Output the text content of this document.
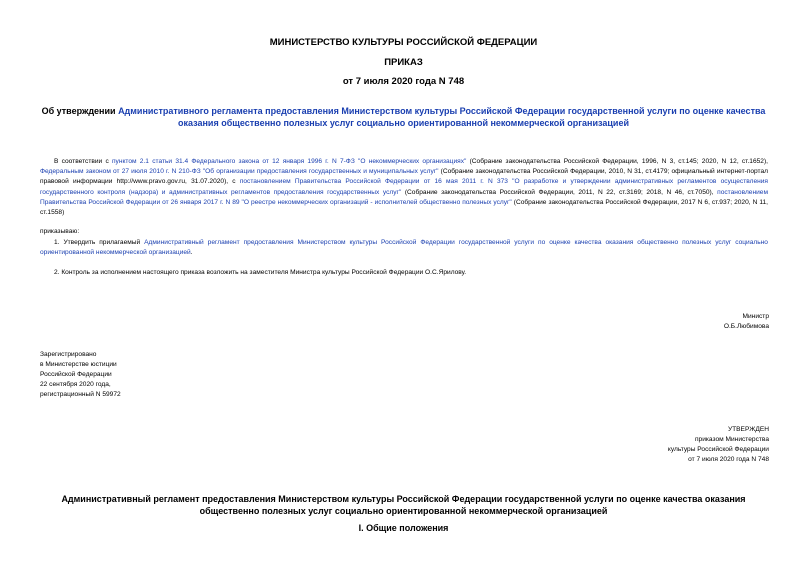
МИНИСТЕРСТВО КУЛЬТУРЫ РОССИЙСКОЙ ФЕДЕРАЦИИ
ПРИКАЗ
от 7 июля 2020 года N 748
Об утверждении Административного регламента предоставления Министерством культуры Российской Федерации государственной услуги по оценке качества оказания общественно полезных услуг социально ориентированной некоммерческой организацией
В соответствии с пунктом 2.1 статьи 31.4 Федерального закона от 12 января 1996 г. N 7-ФЗ "О некоммерческих организациях" (Собрание законодательства Российской Федерации, 1996, N 3, ст.145; 2020, N 12, ст.1652), Федеральным законом от 27 июля 2010 г. N 210-ФЗ "Об организации предоставления государственных и муниципальных услуг" (Собрание законодательства Российской Федерации, 2010, N 31, ст.4179; официальный интернет-портал правовой информации http://www.pravo.gov.ru, 31.07.2020), с постановлением Правительства Российской Федерации от 16 мая 2011 г. N 373 "О разработке и утверждении административных регламентов осуществления государственного контроля (надзора) и административных регламентов предоставления государственных услуг" (Собрание законодательства Российской Федерации, 2011, N 22, ст.3169; 2018, N 46, ст.7050), постановлением Правительства Российской Федерации от 26 января 2017 г. N 89 "О реестре некоммерческих организаций - исполнителей общественно полезных услуг" (Собрание законодательства Российской Федерации, 2017 N 6, ст.937; 2020, N 11, ст.1558)
приказываю:
1. Утвердить прилагаемый Административный регламент предоставления Министерством культуры Российской Федерации государственной услуги по оценке качества оказания общественно полезных услуг социально ориентированной некоммерческой организацией.
2. Контроль за исполнением настоящего приказа возложить на заместителя Министра культуры Российской Федерации О.С.Ярилову.
Министр
О.Б.Любимова
Зарегистрировано
в Министерстве юстиции
Российской Федерации
22 сентября 2020 года,
регистрационный N 59972
УТВЕРЖДЕН
приказом Министерства
культуры Российской Федерации
от 7 июля 2020 года N 748
Административный регламент предоставления Министерством культуры Российской Федерации государственной услуги по оценке качества оказания общественно полезных услуг социально ориентированной некоммерческой организацией
I. Общие положения
